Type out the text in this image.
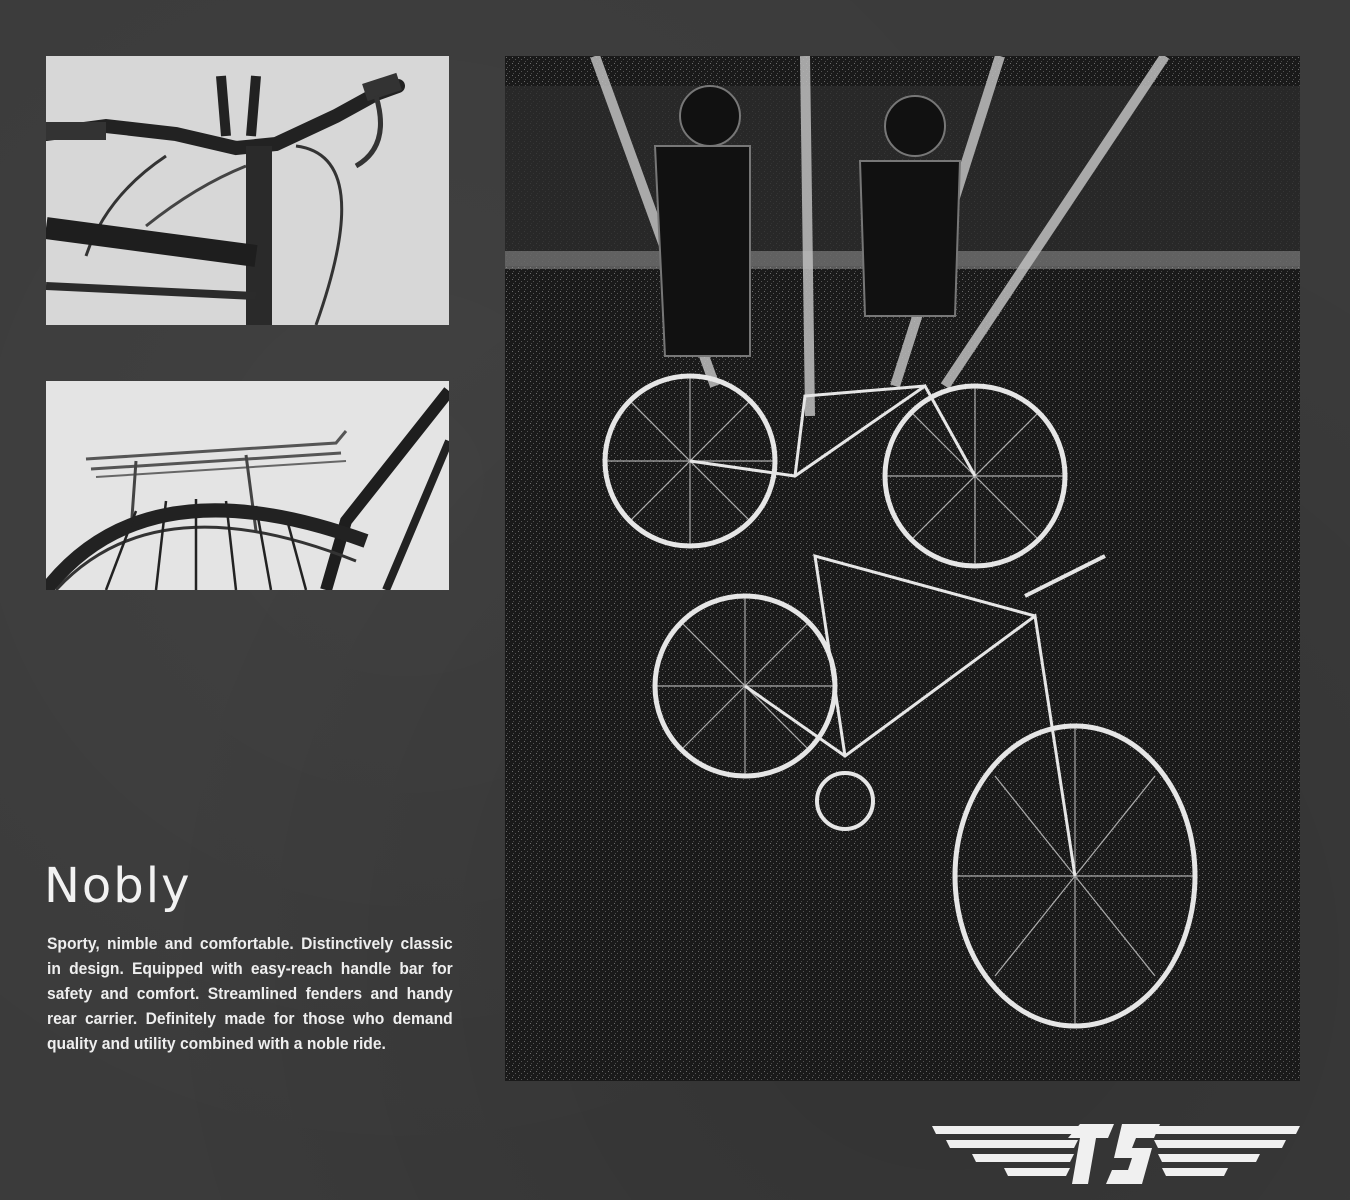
Nobly
Sporty, nimble and comfortable. Distinctively classic in design. Equipped with easy-reach handle bar for safety and comfort. Streamlined fenders and handy rear carrier. Definitely made for those who demand quality and utility combined with a noble ride.
